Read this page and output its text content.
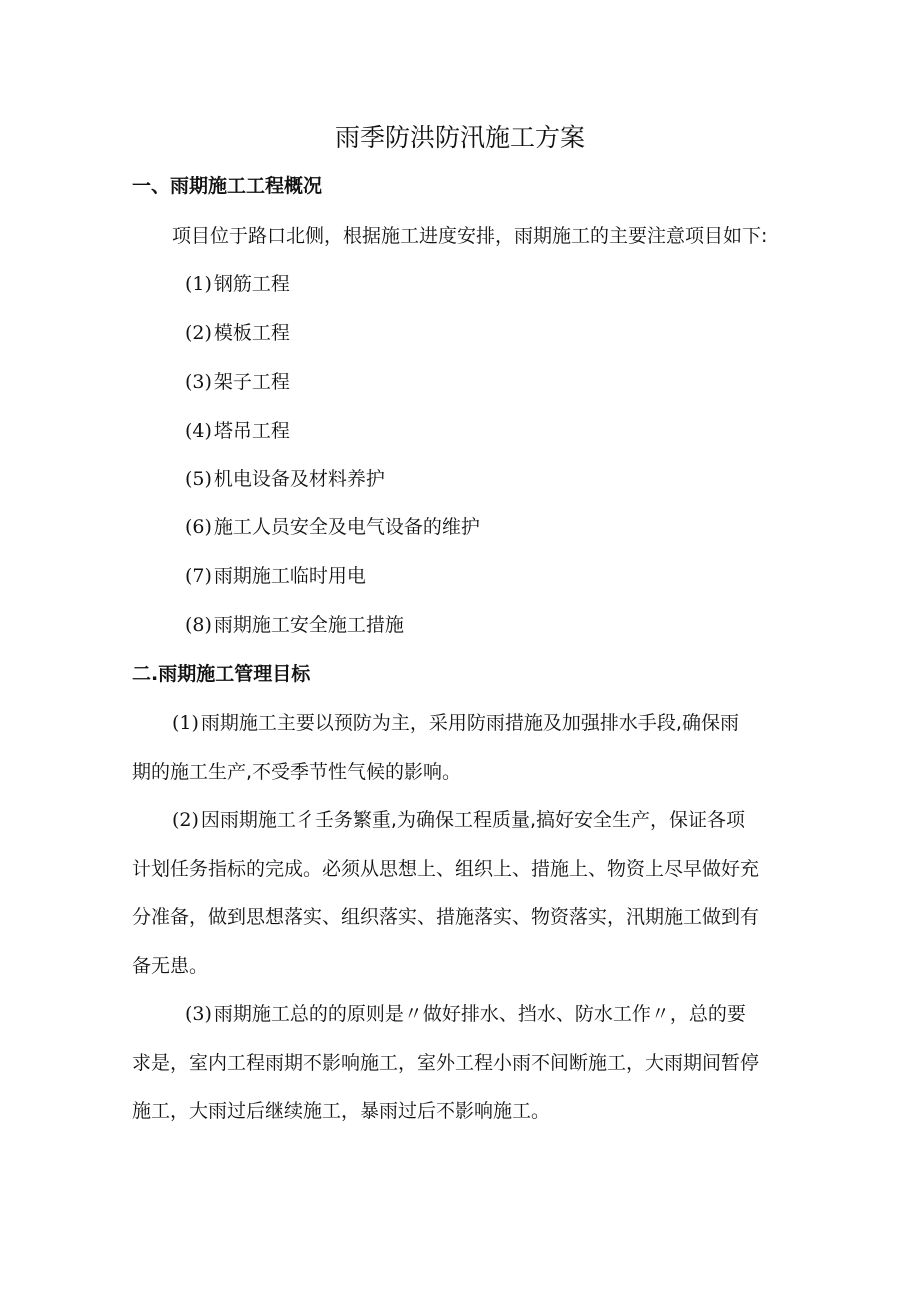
雨季防洪防汛施工方案
一、雨期施工工程概况

项目位于路口北侧，根据施工进度安排，雨期施工的主要注意项目如下:

(1) 钢筋工程

(2) 模板工程

(3) 架子工程

(4) 塔吊工程

(5) 机电设备及材料养护

(6) 施工人员安全及电气设备的维护

(7) 雨期施工临时用电

(8) 雨期施工安全施工措施

二.雨期施工管理目标

(1) 雨期施工主要以预防为主，采用防雨措施及加强排水手段,确保雨

期的施工生产,不受季节性气候的影响。

(2) 因雨期施工彳壬务繁重,为确保工程质量,搞好安全生产，保证各项

计划任务指标的完成。必须从思想上、组织上、措施上、物资上尽早做好充

分准备，做到思想落实、组织落实、措施落实、物资落实，汛期施工做到有

备无患。

(3) 雨期施工总的的原则是〃做好排水、挡水、防水工作〃，总的要

求是，室内工程雨期不影响施工，室外工程小雨不间断施工，大雨期间暂停

施工，大雨过后继续施工，暴雨过后不影响施工。
